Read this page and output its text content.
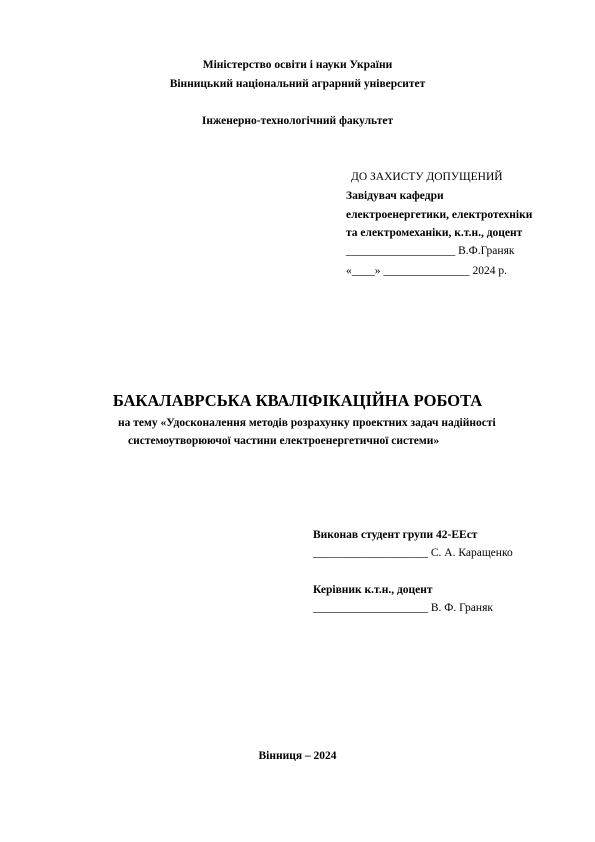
Міністерство освіти і науки України
Вінницький національний аграрний університет
Інженерно-технологічний факультет
ДО ЗАХИСТУ ДОПУЩЕНИЙ
Завідувач кафедри
електроенергетики, електротехніки
та електромеханіки, к.т.н., доцент
___________________ В.Ф.Граняк
«____» _______________ 2024 р.
БАКАЛАВРСЬКА КВАЛІФІКАЦІЙНА РОБОТА
на тему «Удосконалення методів розрахунку проектних задач надійності
системоутворюючої частини електроенергетичної системи»
Виконав студент групи 42-ЕЕст
____________________ С. А. Каращенко
Керівник к.т.н., доцент
____________________ В. Ф. Граняк
Вінниця – 2024
